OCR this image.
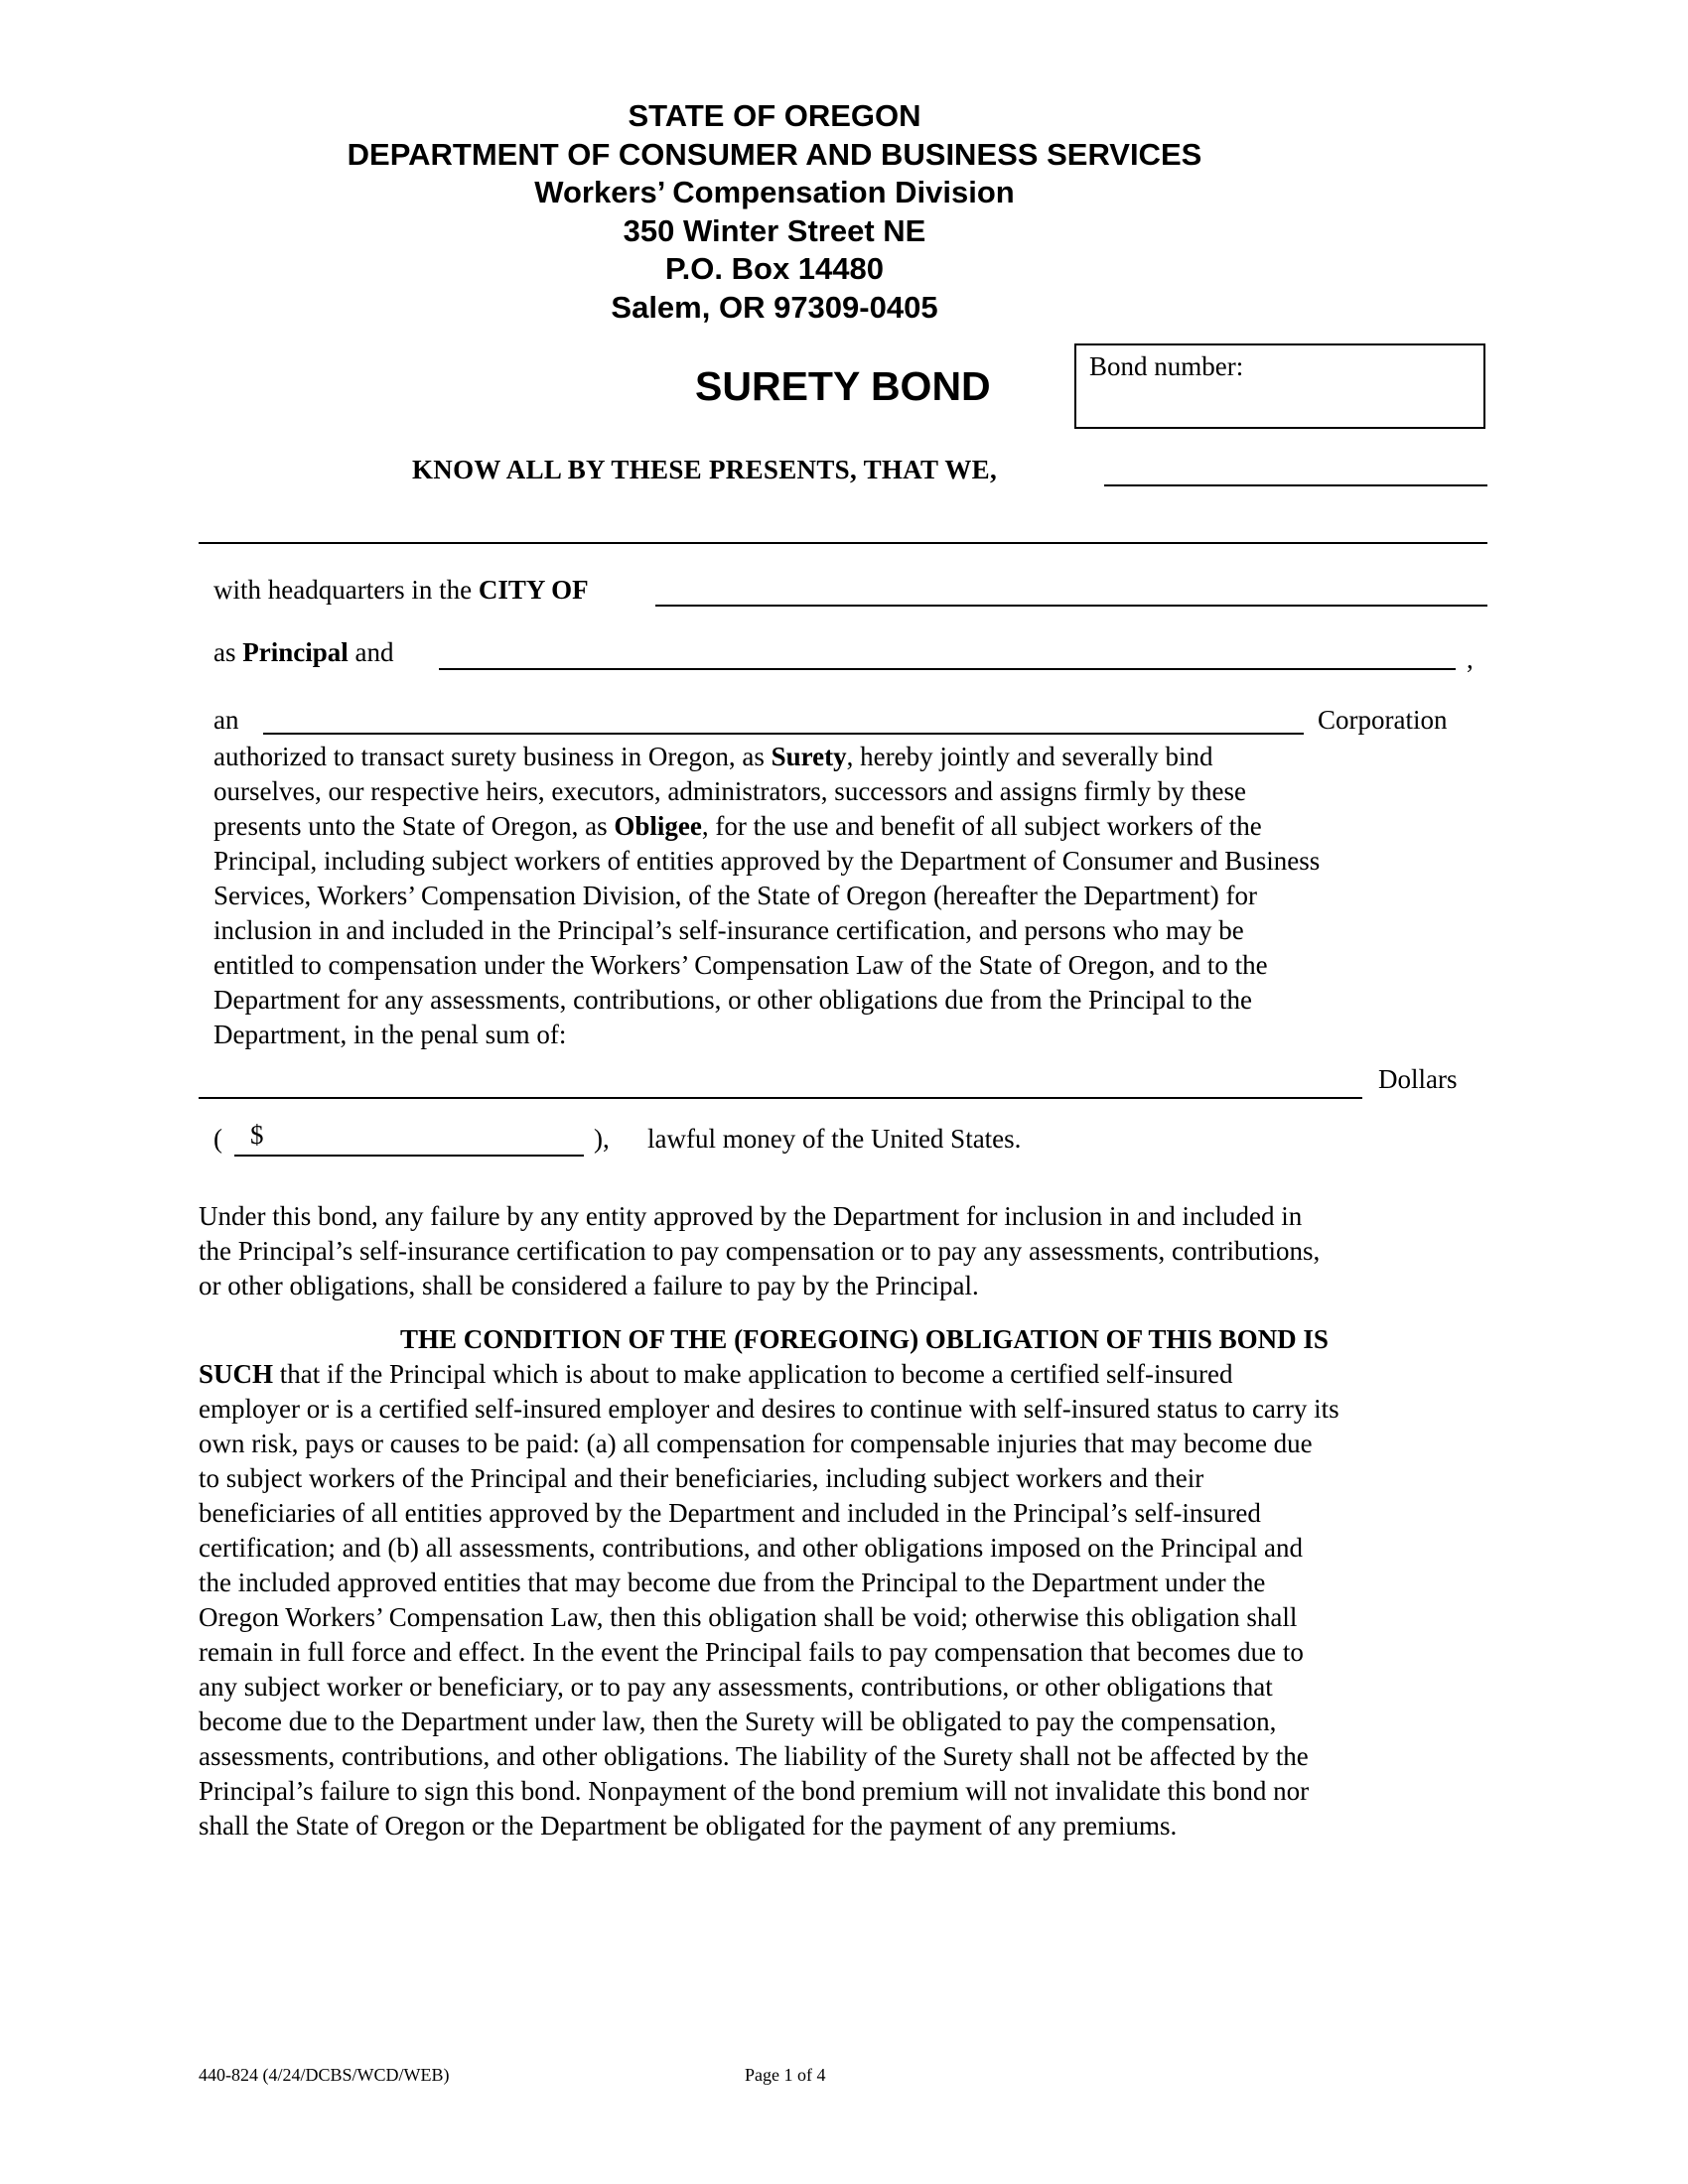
STATE OF OREGON
DEPARTMENT OF CONSUMER AND BUSINESS SERVICES
Workers’ Compensation Division
350 Winter Street NE
P.O. Box 14480
Salem, OR 97309-0405
SURETY BOND	Bond number:
KNOW ALL BY THESE PRESENTS, THAT WE,
with headquarters in the CITY OF
as Principal and	,
an	Corporation
authorized to transact surety business in Oregon, as Surety, hereby jointly and severally bind
ourselves, our respective heirs, executors, administrators, successors and assigns firmly by these
presents unto the State of Oregon, as Obligee, for the use and benefit of all subject workers of the
Principal, including subject workers of entities approved by the Department of Consumer and Business
Services, Workers’ Compensation Division, of the State of Oregon (hereafter the Department) for
inclusion in and included in the Principal’s self-insurance certification, and persons who may be
entitled to compensation under the Workers’ Compensation Law of the State of Oregon, and to the
Department for any assessments, contributions, or other obligations due from the Principal to the
Department, in the penal sum of:
Dollars
( $	), lawful money of the United States.
Under this bond, any failure by any entity approved by the Department for inclusion in and included in
the Principal’s self-insurance certification to pay compensation or to pay any assessments, contributions,
or other obligations, shall be considered a failure to pay by the Principal.
THE CONDITION OF THE (FOREGOING) OBLIGATION OF THIS BOND IS
SUCH that if the Principal which is about to make application to become a certified self-insured
employer or is a certified self-insured employer and desires to continue with self-insured status to carry its
own risk, pays or causes to be paid: (a) all compensation for compensable injuries that may become due
to subject workers of the Principal and their beneficiaries, including subject workers and their
beneficiaries of all entities approved by the Department and included in the Principal’s self-insured
certification; and (b) all assessments, contributions, and other obligations imposed on the Principal and
the included approved entities that may become due from the Principal to the Department under the
Oregon Workers’ Compensation Law, then this obligation shall be void; otherwise this obligation shall
remain in full force and effect. In the event the Principal fails to pay compensation that becomes due to
any subject worker or beneficiary, or to pay any assessments, contributions, or other obligations that
become due to the Department under law, then the Surety will be obligated to pay the compensation,
assessments, contributions, and other obligations. The liability of the Surety shall not be affected by the
Principal’s failure to sign this bond. Nonpayment of the bond premium will not invalidate this bond nor
shall the State of Oregon or the Department be obligated for the payment of any premiums.
440-824 (4/24/DCBS/WCD/WEB)	Page 1 of 4
